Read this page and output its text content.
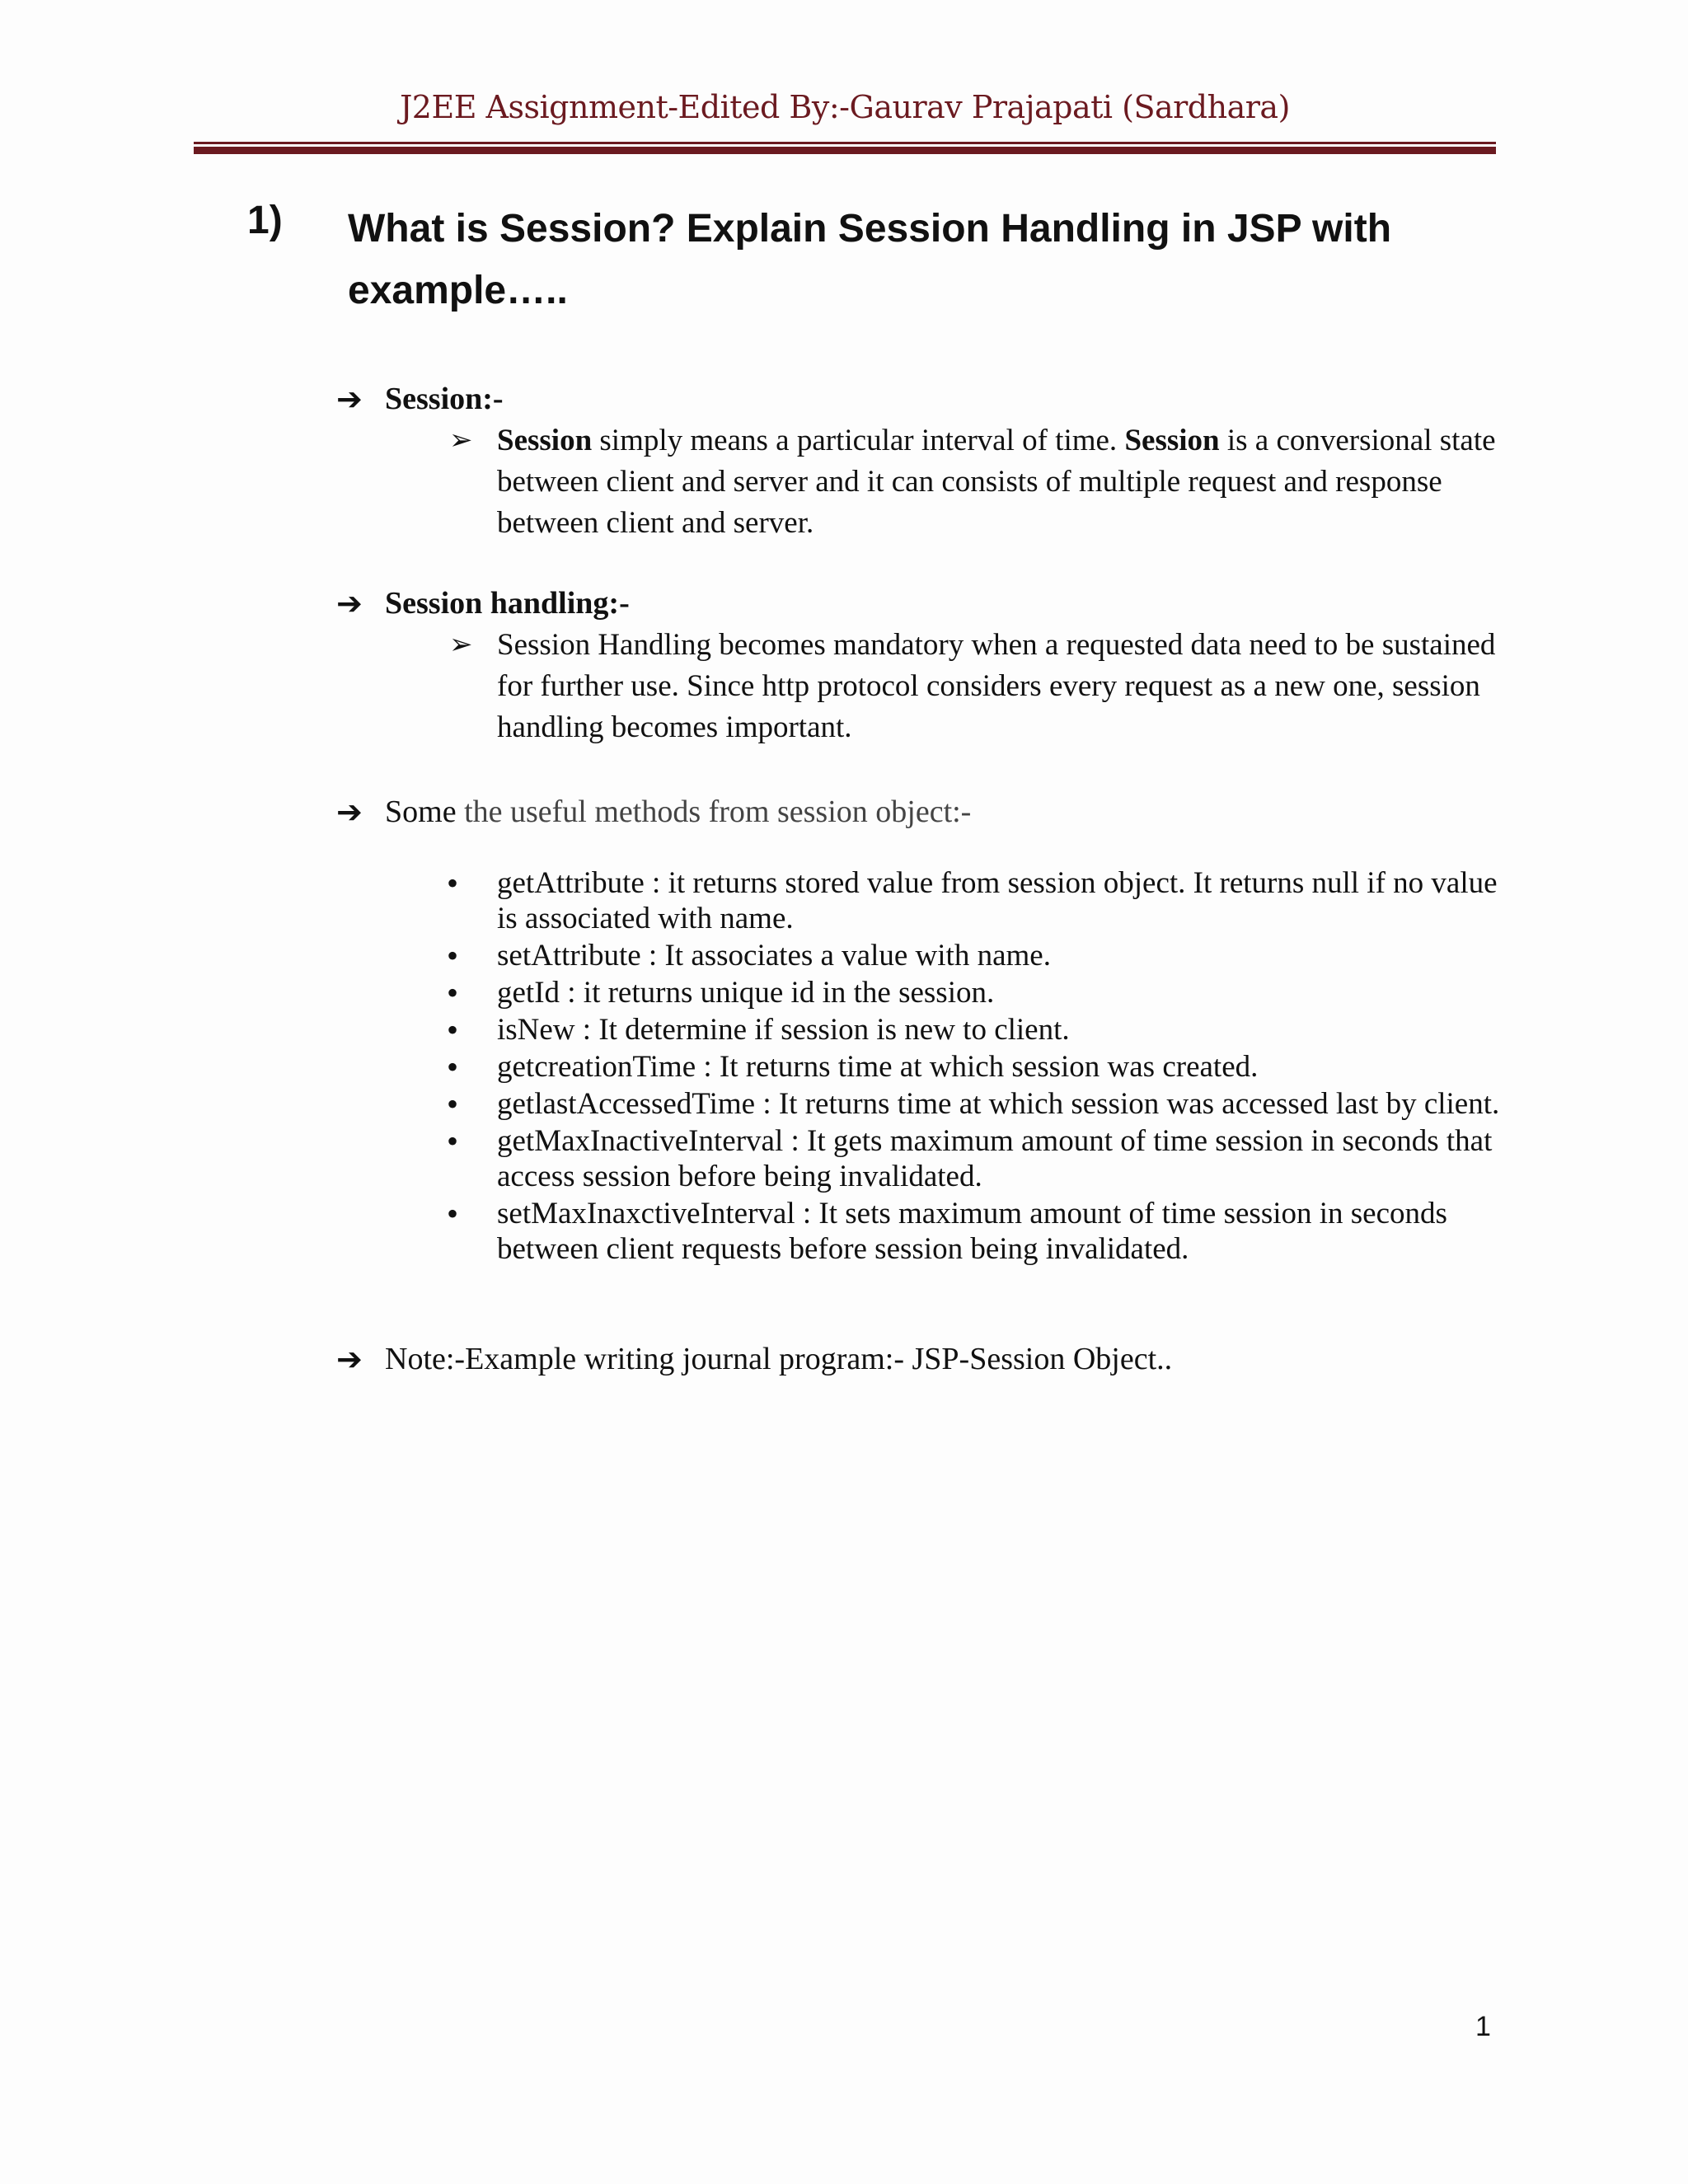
J2EE Assignment-Edited By:-Gaurav Prajapati (Sardhara)
1) What is Session? Explain Session Handling in JSP with example…..
➔ Session:-
➢ Session simply means a particular interval of time. Session is a conversional state between client and server and it can consists of multiple request and response between client and server.
➔ Session handling:-
➢ Session Handling becomes mandatory when a requested data need to be sustained for further use. Since http protocol considers every request as a new one, session handling becomes important.
➔ Some the useful methods from session object:-
• getAttribute : it returns stored value from session object. It returns null if no value is associated with name.
• setAttribute : It associates a value with name.
• getId : it returns unique id in the session.
• isNew : It determine if session is new to client.
• getcreationTime : It returns time at which session was created.
• getlastAccessedTime : It returns time at which session was accessed last by client.
• getMaxInactiveInterval : It gets maximum amount of time session in seconds that access session before being invalidated.
• setMaxInaxctiveInterval : It sets maximum amount of time session in seconds between client requests before session being invalidated.
➔ Note:-Example writing journal program:- JSP-Session Object..
1
